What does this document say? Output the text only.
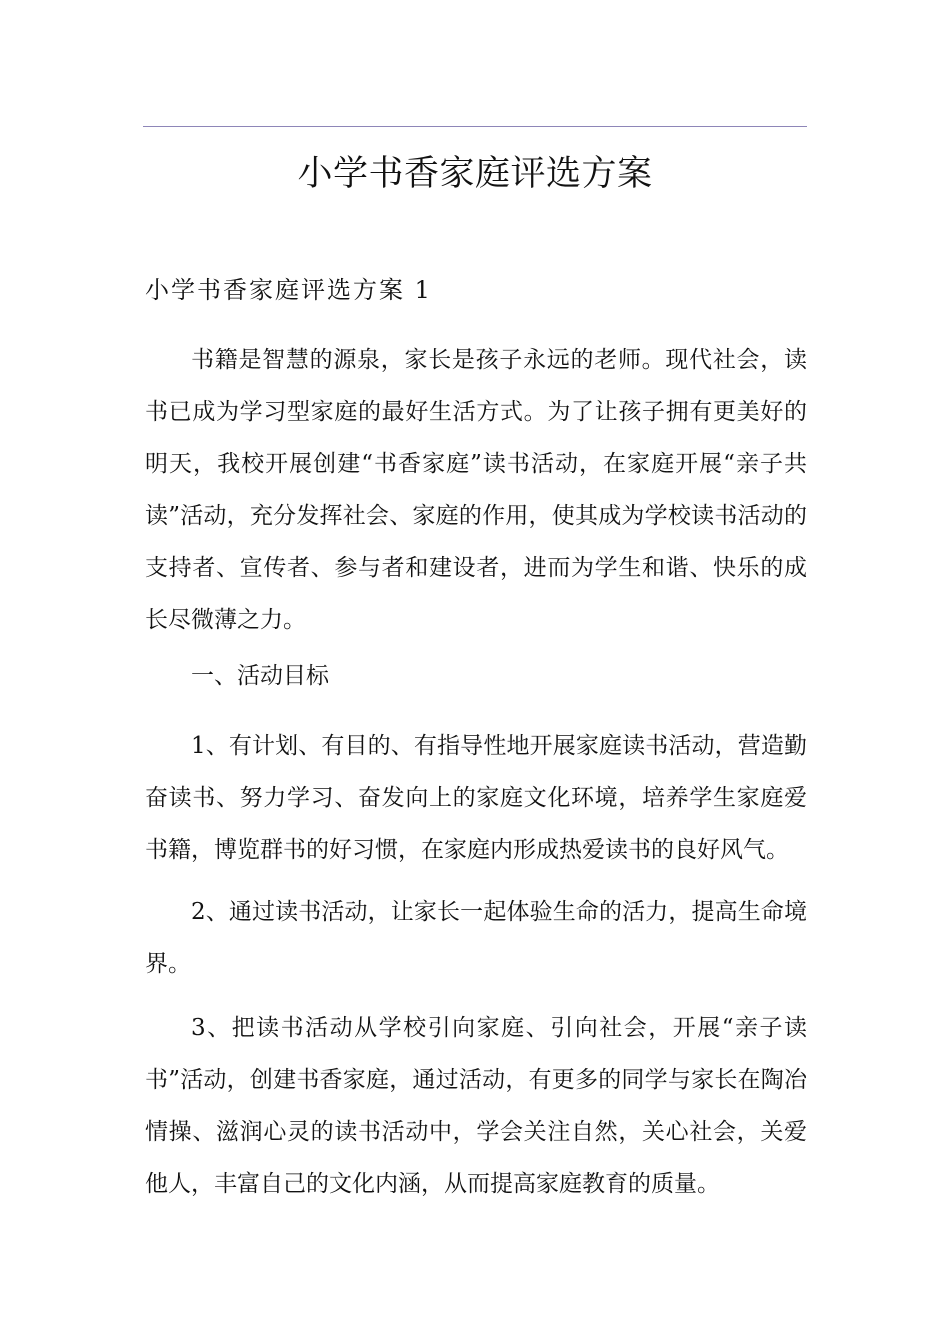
小学书香家庭评选方案
小学书香家庭评选方案 1

书籍是智慧的源泉，家长是孩子永远的老师。现代社会，读书已成为学习型家庭的最好生活方式。为了让孩子拥有更美好的明天，我校开展创建“书香家庭”读书活动，在家庭开展“亲子共读”活动，充分发挥社会、家庭的作用，使其成为学校读书活动的支持者、宣传者、参与者和建设者，进而为学生和谐、快乐的成长尽微薄之力。

一、活动目标

1、有计划、有目的、有指导性地开展家庭读书活动，营造勤奋读书、努力学习、奋发向上的家庭文化环境，培养学生家庭爱书籍，博览群书的好习惯，在家庭内形成热爱读书的良好风气。

2、通过读书活动，让家长一起体验生命的活力，提高生命境界。

3、把读书活动从学校引向家庭、引向社会，开展“亲子读书”活动，创建书香家庭，通过活动，有更多的同学与家长在陶冶情操、滋润心灵的读书活动中，学会关注自然，关心社会，关爱他人，丰富自己的文化内涵，从而提高家庭教育的质量。
